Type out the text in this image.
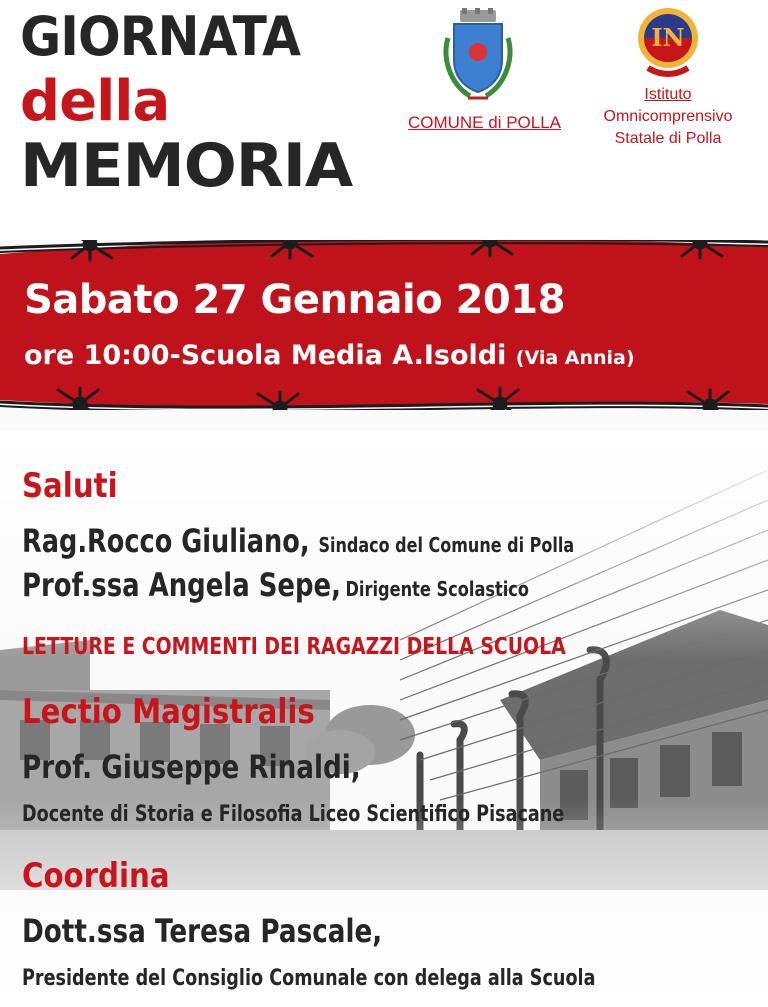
GIORNATA
della
MEMORIA
COMUNE di POLLA
IN
Istituto
Omnicomprensivo
Statale di Polla
Sabato 27 Gennaio 2018

ore 10:00-Scuola Media A.Isoldi (Via Annia)

Saluti

Rag.Rocco Giuliano, Sindaco del Comune di Polla

Prof.ssa Angela Sepe, Dirigente Scolastico

LETTURE E COMMENTI DEI RAGAZZI DELLA SCUOLA
Lectio Magistralis

Prof. Giuseppe Rinaldi,

Docente di Storia e Filosofia Liceo Scientifico Pisacane

Coordina

Dott.ssa Teresa Pascale,

Presidente del Consiglio Comunale con delega alla Scuola
